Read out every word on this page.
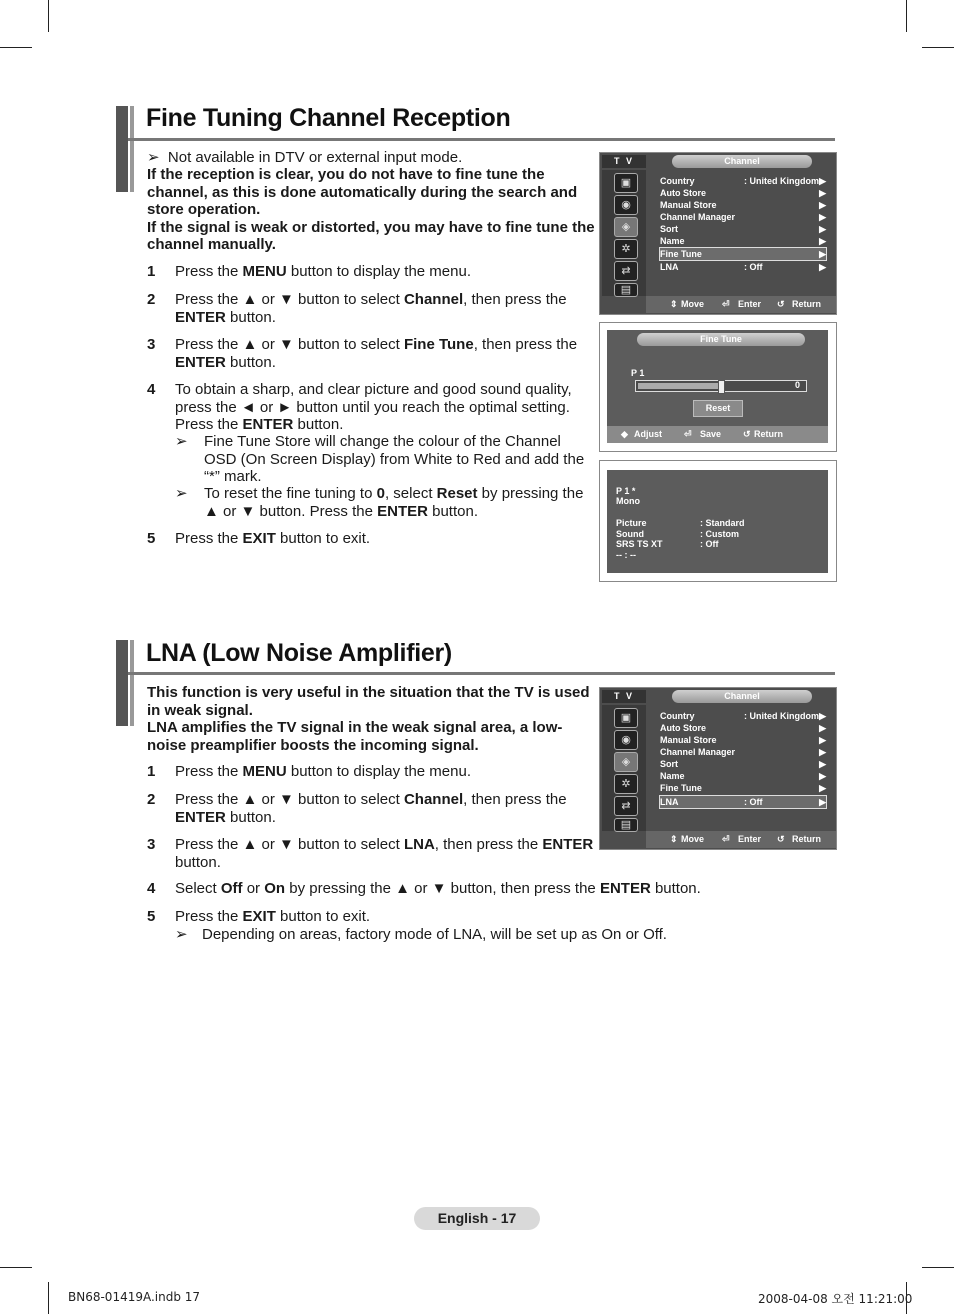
Fine Tuning Channel Reception
➢ Not available in DTV or external input mode.
If the reception is clear, you do not have to fine tune the
channel, as this is done automatically during the search and
store operation.
If the signal is weak or distorted, you may have to fine tune the
channel manually.
1 Press the MENU button to display the menu.
2 Press the ▲ or ▼ button to select Channel, then press the
ENTER button.
3 Press the ▲ or ▼ button to select Fine Tune, then press the
ENTER button.
4 To obtain a sharp, and clear picture and good sound quality,
press the ◄ or ► button until you reach the optimal setting.
Press the ENTER button.
➢ Fine Tune Store will change the colour of the Channel
OSD (On Screen Display) from White to Red and add the
“*” mark.
➢ To reset the fine tuning to 0, select Reset by pressing the
▲ or ▼ button. Press the ENTER button.
5 Press the EXIT button to exit.
T V	Channel
▣
◉
◈
✲
⇄
▤
Country	: United Kingdom ▶
Auto Store	▶
Manual Store	▶
Channel Manager	▶
Sort	▶
Name	▶
Fine Tune	▶
LNA	: Off	▶
⇕ Move ⏎ Enter ↺ Return
Fine Tune
P 1
0
Reset
◆ Adjust ⏎ Save ↺ Return
P 1 *
Mono
Picture	: Standard
Sound	: Custom
SRS TS XT	: Off
-- : --
LNA (Low Noise Amplifier)
This function is very useful in the situation that the TV is used
in weak signal.
LNA amplifies the TV signal in the weak signal area, a low-
noise preamplifier boosts the incoming signal.
1 Press the MENU button to display the menu.
2 Press the ▲ or ▼ button to select Channel, then press the
ENTER button.
3 Press the ▲ or ▼ button to select LNA, then press the ENTER
button.
4 Select Off or On by pressing the ▲ or ▼ button, then press the ENTER button.
5 Press the EXIT button to exit.
➢ Depending on areas, factory mode of LNA, will be set up as On or Off.
T V	Channel
▣
◉
◈
✲
⇄
▤
Country	: United Kingdom ▶
Auto Store	▶
Manual Store	▶
Channel Manager	▶
Sort	▶
Name	▶
Fine Tune	▶
LNA	: Off	▶
⇕ Move ⏎ Enter ↺ Return
English - 17
BN68-01419A.indb 17	2008-04-08 오전 11:21:00
